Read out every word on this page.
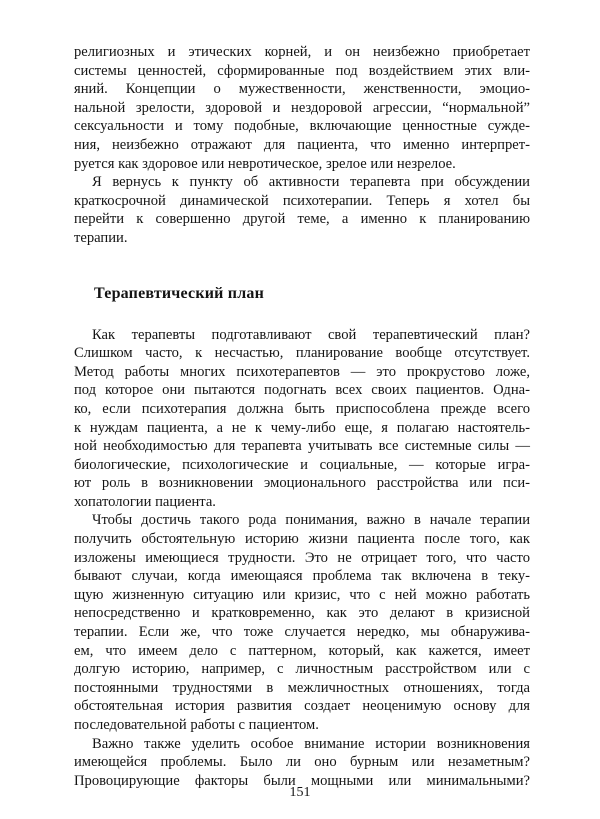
религиозных и этических корней, и он неизбежно приобретает
системы ценностей, сформированные под воздействием этих вли-
яний. Концепции о мужественности, женственности, эмоцио-
нальной зрелости, здоровой и нездоровой агрессии, “нормальной”
сексуальности и тому подобные, включающие ценностные сужде-
ния, неизбежно отражают для пациента, что именно интерпрет-
руется как здоровое или невротическое, зрелое или незрелое.
Я вернусь к пункту об активности терапевта при обсуждении
краткосрочной динамической психотерапии. Теперь я хотел бы
перейти к совершенно другой теме, а именно к планированию
терапии.
Терапевтический план
Как терапевты подготавливают свой терапевтический план?
Слишком часто, к несчастью, планирование вообще отсутствует.
Метод работы многих психотерапевтов — это прокрустово ложе,
под которое они пытаются подогнать всех своих пациентов. Одна-
ко, если психотерапия должна быть приспособлена прежде всего
к нуждам пациента, а не к чему-либо еще, я полагаю настоятель-
ной необходимостью для терапевта учитывать все системные силы —
биологические, психологические и социальные, — которые игра-
ют роль в возникновении эмоционального расстройства или пси-
хопатологии пациента.
Чтобы достичь такого рода понимания, важно в начале терапии
получить обстоятельную историю жизни пациента после того, как
изложены имеющиеся трудности. Это не отрицает того, что часто
бывают случаи, когда имеющаяся проблема так включена в теку-
щую жизненную ситуацию или кризис, что с ней можно работать
непосредственно и кратковременно, как это делают в кризисной
терапии. Если же, что тоже случается нередко, мы обнаружива-
ем, что имеем дело с паттерном, который, как кажется, имеет
долгую историю, например, с личностным расстройством или с
постоянными трудностями в межличностных отношениях, тогда
обстоятельная история развития создает неоценимую основу для
последовательной работы с пациентом.
Важно также уделить особое внимание истории возникновения
имеющейся проблемы. Было ли оно бурным или незаметным?
Провоцирующие факторы были мощными или минимальными?
151
